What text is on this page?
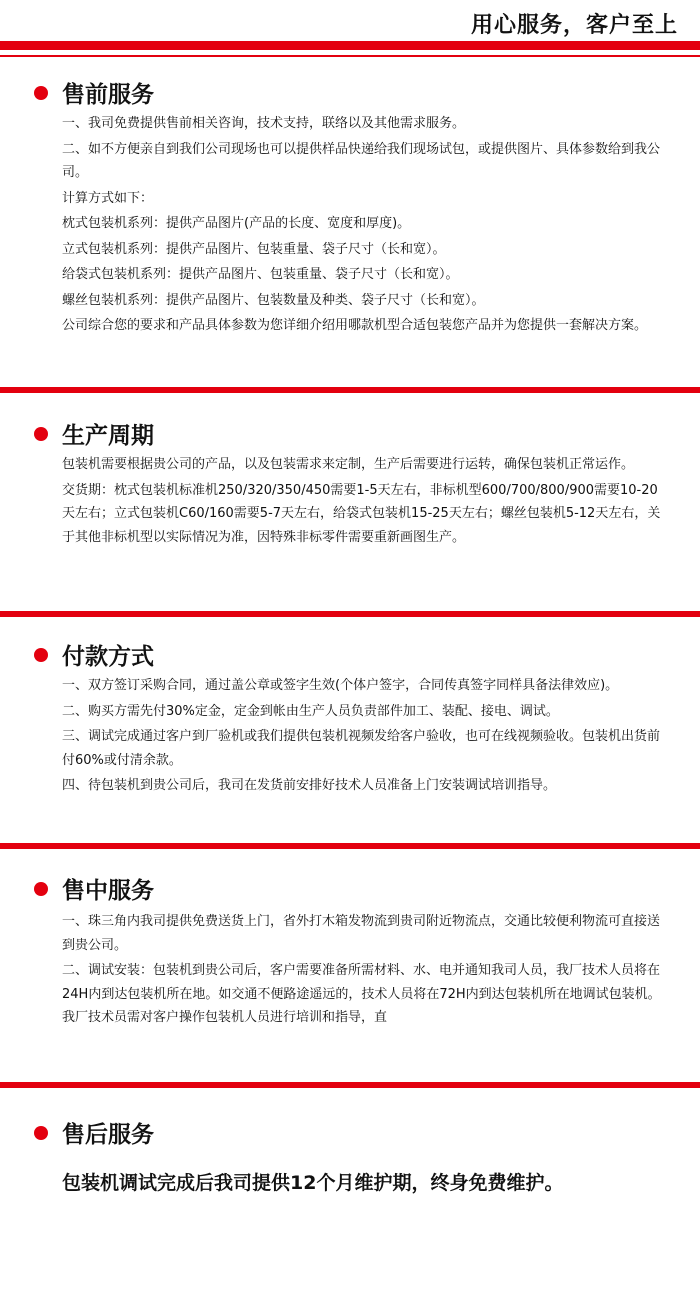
用心服务，客户至上
售前服务

一、我司免费提供售前相关咨询，技术支持，联络以及其他需求服务。

二、如不方便亲自到我们公司现场也可以提供样品快递给我们现场试包，或提供图片、具体参数给到我公司。

计算方式如下：

枕式包装机系列：提供产品图片(产品的长度、宽度和厚度)。

立式包装机系列：提供产品图片、包装重量、袋子尺寸（长和宽）。

给袋式包装机系列：提供产品图片、包装重量、袋子尺寸（长和宽）。

螺丝包装机系列：提供产品图片、包装数量及种类、袋子尺寸（长和宽）。

公司综合您的要求和产品具体参数为您详细介绍用哪款机型合适包装您产品并为您提供一套解决方案。

生产周期

包装机需要根据贵公司的产品，以及包装需求来定制，生产后需要进行运转，确保包装机正常运作。

交货期：枕式包装机标准机250/320/350/450需要1-5天左右，非标机型600/700/800/900需要10-20天左右；立式包装机C60/160需要5-7天左右，给袋式包装机15-25天左右；螺丝包装机5-12天左右，关于其他非标机型以实际情况为准，因特殊非标零件需要重新画图生产。

付款方式

一、双方签订采购合同，通过盖公章或签字生效(个体户签字，合同传真签字同样具备法律效应)。

二、购买方需先付30%定金，定金到帐由生产人员负责部件加工、装配、接电、调试。

三、调试完成通过客户到厂验机或我们提供包装机视频发给客户验收，也可在线视频验收。包装机出货前付60%或付清余款。

四、待包装机到贵公司后，我司在发货前安排好技术人员准备上门安装调试培训指导。

售中服务

一、珠三角内我司提供免费送货上门，省外打木箱发物流到贵司附近物流点，交通比较便利物流可直接送到贵公司。

二、调试安装：包装机到贵公司后，客户需要准备所需材料、水、电并通知我司人员，我厂技术人员将在24H内到达包装机所在地。如交通不便路途遥远的，技术人员将在72H内到达包装机所在地调试包装机。我厂技术员需对客户操作包装机人员进行培训和指导，直

售后服务
包装机调试完成后我司提供12个月维护期，终身免费维护。
